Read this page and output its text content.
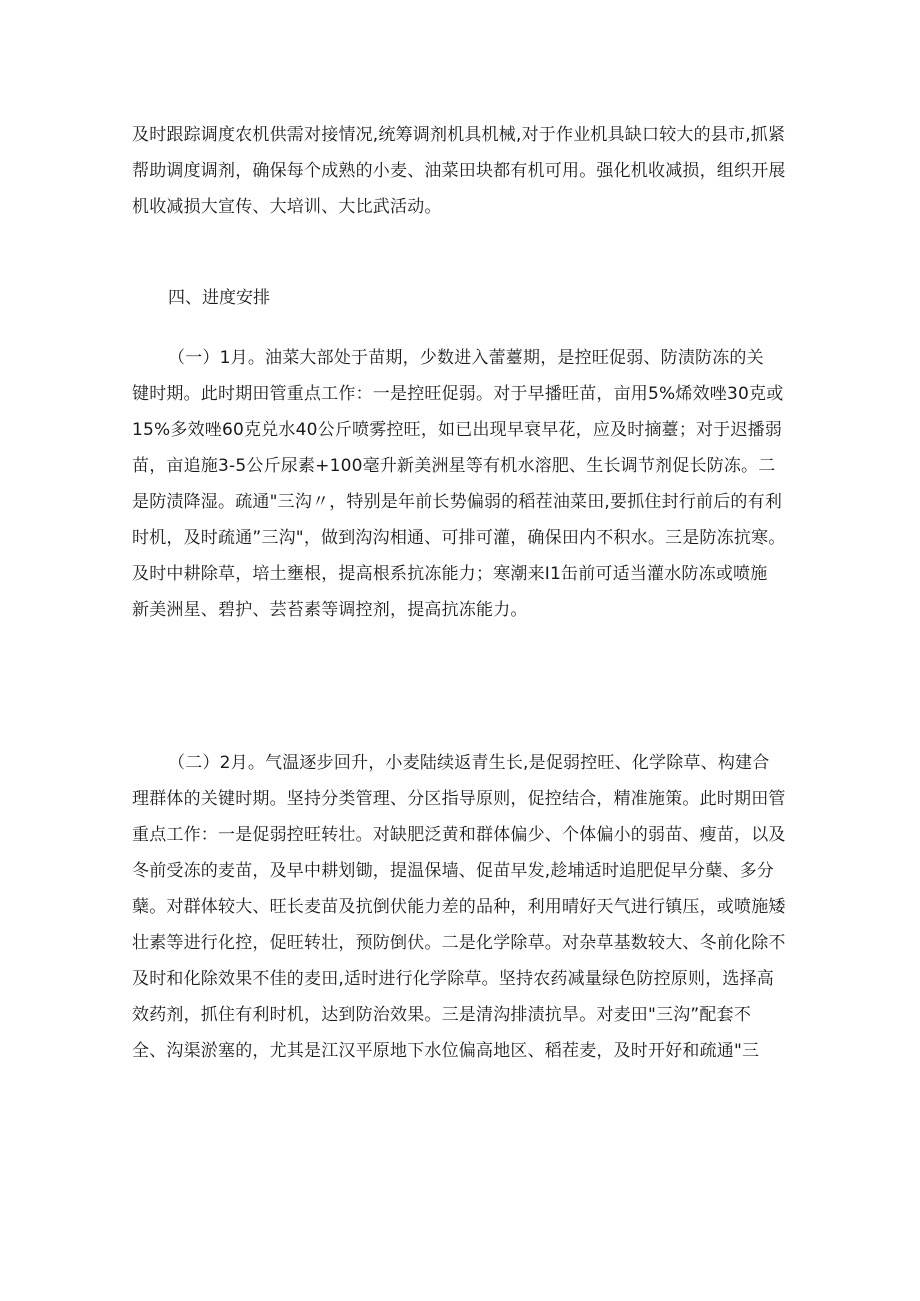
及时跟踪调度农机供需对接情况,统筹调剂机具机械,对于作业机具缺口较大的县市,抓紧
帮助调度调剂，确保每个成熟的小麦、油菜田块都有机可用。强化机收减损，组织开展
机收减损大宣传、大培训、大比武活动。

四、进度安排

（一）1月。油菜大部处于苗期，少数进入蕾薹期，是控旺促弱、防渍防冻的关
键时期。此时期田管重点工作：一是控旺促弱。对于早播旺苗，亩用5%烯效唑30克或
15%多效唑60克兑水40公斤喷雾控旺，如已出现早衰早花，应及时摘薹；对于迟播弱
苗，亩追施3-5公斤尿素+100毫升新美洲星等有机水溶肥、生长调节剂促长防冻。二
是防渍降湿。疏通"三沟〃，特别是年前长势偏弱的稻茬油菜田,要抓住封行前后的有利
时机，及时疏通”三沟"，做到沟沟相通、可排可灌，确保田内不积水。三是防冻抗寒。
及时中耕除草，培土壅根，提高根系抗冻能力；寒潮来I1缶前可适当灌水防冻或喷施
新美洲星、碧护、芸苔素等调控剂，提高抗冻能力。
（二）2月。气温逐步回升，小麦陆续返青生长,是促弱控旺、化学除草、构建合
理群体的关键时期。坚持分类管理、分区指导原则，促控结合，精准施策。此时期田管
重点工作：一是促弱控旺转壮。对缺肥泛黄和群体偏少、个体偏小的弱苗、瘦苗，以及
冬前受冻的麦苗，及早中耕划锄，提温保墙、促苗早发,趁埔适时追肥促早分蘖、多分
蘖。对群体较大、旺长麦苗及抗倒伏能力差的品种，利用晴好天气进行镇压，或喷施矮
壮素等进行化控，促旺转壮，预防倒伏。二是化学除草。对杂草基数较大、冬前化除不
及时和化除效果不佳的麦田,适时进行化学除草。坚持农药减量绿色防控原则，选择高
效药剂，抓住有利时机，达到防治效果。三是清沟排渍抗旱。对麦田"三沟”配套不
全、沟渠淤塞的，尤其是江汉平原地下水位偏高地区、稻茬麦，及时开好和疏通"三
